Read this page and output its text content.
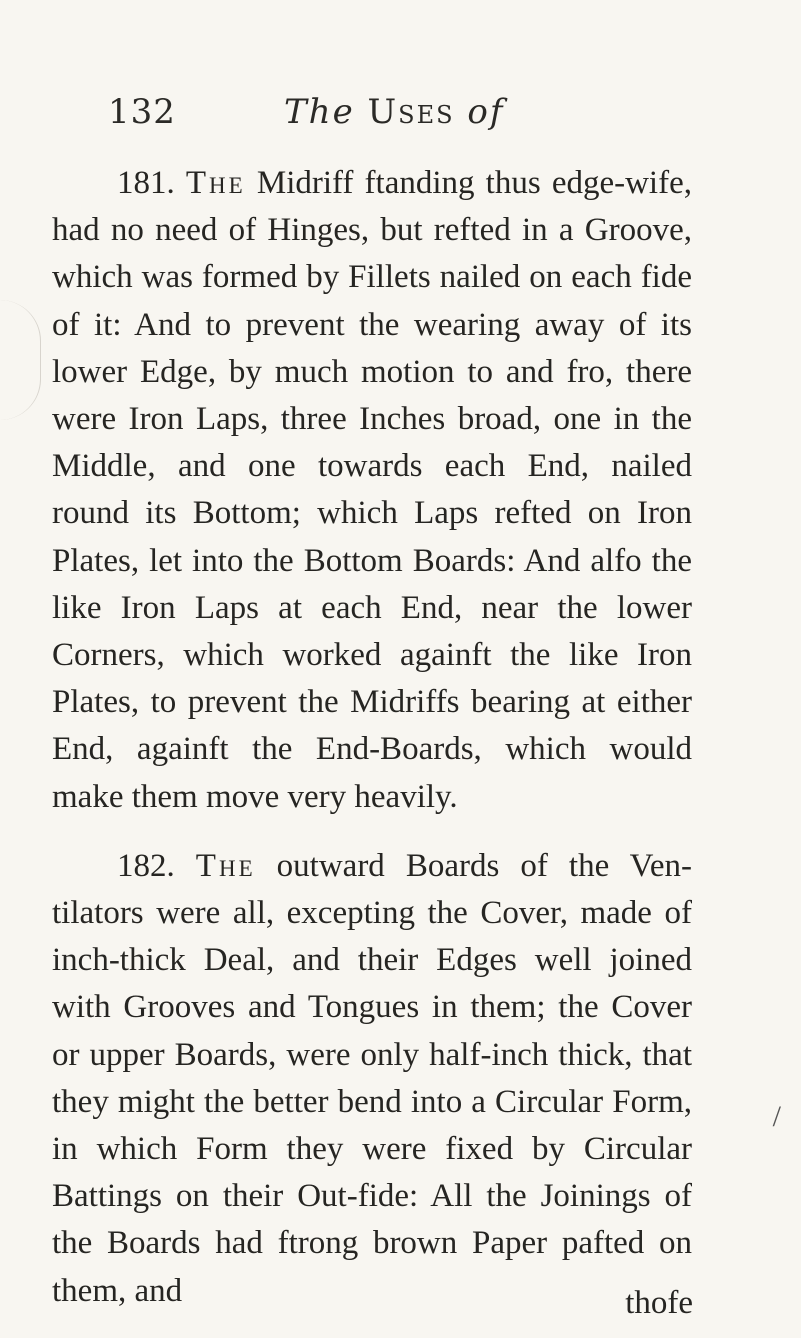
132	The Uses of

181. The Midriff ftanding thus edge-wife, had no need of Hinges, but refted in a Groove, which was formed by Fillets nailed on each fide of it: And to prevent the wearing away of its lower Edge, by much motion to and fro, there were Iron Laps, three Inches broad, one in the Middle, and one towards each End, nailed round its Bottom; which Laps refted on Iron Plates, let into the Bottom Boards: And alfo the like Iron Laps at each End, near the lower Corners, which worked againft the like Iron Plates, to prevent the Midriffs bearing at either End, againft the End-Boards, which would make them move very heavily.

182. The outward Boards of the Ven-tilators were all, excepting the Cover, made of inch-thick Deal, and their Edges well joined with Grooves and Tongues in them; the Cover or upper Boards, were only half-inch thick, that they might the better bend into a Circular Form, in which Form they were fixed by Circular Battings on their Out-fide: All the Joinings of the Boards had ftrong brown Paper pafted on them, and

/
thofe
